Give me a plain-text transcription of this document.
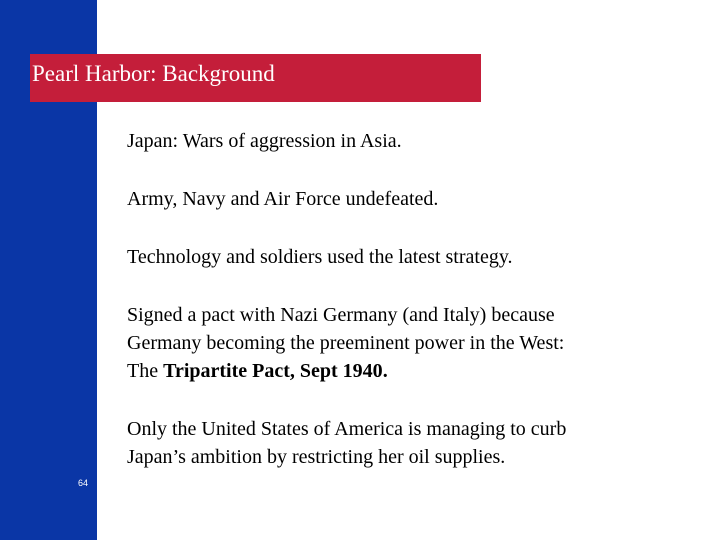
Pearl Harbor: Background
Japan: Wars of aggression in Asia.
Army, Navy and Air Force undefeated.
Technology and soldiers used the latest strategy.
Signed a pact with Nazi Germany (and Italy) because
Germany becoming the preeminent power in the West:
The Tripartite Pact, Sept 1940.
Only the United States of America is managing to curb
Japan’s ambition by restricting her oil supplies.
64
